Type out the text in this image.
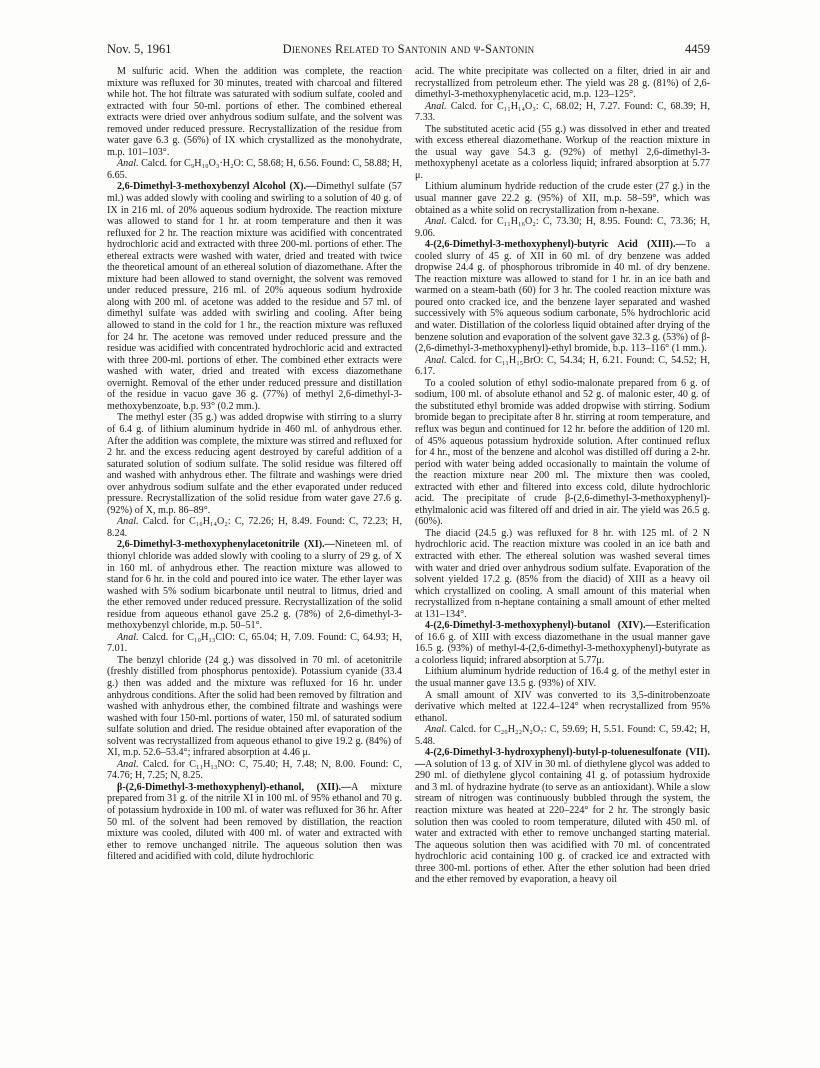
Nov. 5, 1961	Dienones Related to Santonin and ψ-Santonin	4459

M sulfuric acid. When the addition was complete, the reaction mixture was refluxed for 30 minutes, treated with charcoal and filtered while hot. The hot filtrate was saturated with sodium sulfate, cooled and extracted with four 50-ml. portions of ether. The combined ethereal extracts were dried over anhydrous sodium sulfate, and the solvent was removed under reduced pressure. Recrystallization of the residue from water gave 6.3 g. (56%) of IX which crystallized as the monohydrate, m.p. 101–103°.

Anal. Calcd. for C₉H₁₀O₃·H₂O: C, 58.68; H, 6.56. Found: C, 58.88; H, 6.65.

2,6-Dimethyl-3-methoxybenzyl Alcohol (X).—Dimethyl sulfate (57 ml.) was added slowly with cooling and swirling to a solution of 40 g. of IX in 216 ml. of 20% aqueous sodium hydroxide. The reaction mixture was allowed to stand for 1 hr. at room temperature and then it was refluxed for 2 hr. The reaction mixture was acidified with concentrated hydrochloric acid and extracted with three 200-ml. portions of ether. The ethereal extracts were washed with water, dried and treated with twice the theoretical amount of an ethereal solution of diazomethane. After the mixture had been allowed to stand overnight, the solvent was removed under reduced pressure, 216 ml. of 20% aqueous sodium hydroxide along with 200 ml. of acetone was added to the residue and 57 ml. of dimethyl sulfate was added with swirling and cooling. After being allowed to stand in the cold for 1 hr., the reaction mixture was refluxed for 24 hr. The acetone was removed under reduced pressure and the residue was acidified with concentrated hydrochloric acid and extracted with three 200-ml. portions of ether. The combined ether extracts were washed with water, dried and treated with excess diazomethane overnight. Removal of the ether under reduced pressure and distillation of the residue in vacuo gave 36 g. (77%) of methyl 2,6-dimethyl-3-methoxybenzoate, b.p. 93° (0.2 mm.).

The methyl ester (35 g.) was added dropwise with stirring to a slurry of 6.4 g. of lithium aluminum hydride in 460 ml. of anhydrous ether. After the addition was complete, the mixture was stirred and refluxed for 2 hr. and the excess reducing agent destroyed by careful addition of a saturated solution of sodium sulfate. The solid residue was filtered off and washed with anhydrous ether. The filtrate and washings were dried over anhydrous sodium sulfate and the ether evaporated under reduced pressure. Recrystallization of the solid residue from water gave 27.6 g. (92%) of X, m.p. 86–89°.

Anal. Calcd. for C₁₀H₁₄O₂: C, 72.26; H, 8.49. Found: C, 72.23; H, 8.24.

2,6-Dimethyl-3-methoxyphenylacetonitrile (XI).—Nineteen ml. of thionyl chloride was added slowly with cooling to a slurry of 29 g. of X in 160 ml. of anhydrous ether. The reaction mixture was allowed to stand for 6 hr. in the cold and poured into ice water. The ether layer was washed with 5% sodium bicarbonate until neutral to litmus, dried and the ether removed under reduced pressure. Recrystallization of the solid residue from aqueous ethanol gave 25.2 g. (78%) of 2,6-dimethyl-3-methoxybenzyl chloride, m.p. 50–51°.

Anal. Calcd. for C₁₀H₁₃ClO: C, 65.04; H, 7.09. Found: C, 64.93; H, 7.01.

The benzyl chloride (24 g.) was dissolved in 70 ml. of acetonitrile (freshly distilled from phosphorus pentoxide). Potassium cyanide (33.4 g.) then was added and the mixture was refluxed for 16 hr. under anhydrous conditions. After the solid had been removed by filtration and washed with anhydrous ether, the combined filtrate and washings were washed with four 150-ml. portions of water, 150 ml. of saturated sodium sulfate solution and dried. The residue obtained after evaporation of the solvent was recrystallized from aqueous ethanol to give 19.2 g. (84%) of XI, m.p. 52.6–53.4°; infrared absorption at 4.46 μ.

Anal. Calcd. for C₁₁H₁₃NO: C, 75.40; H, 7.48; N, 8.00. Found: C, 74.76; H, 7.25; N, 8.25.

β-(2,6-Dimethyl-3-methoxyphenyl)-ethanol, (XII).—A mixture prepared from 31 g. of the nitrile XI in 100 ml. of 95% ethanol and 70 g. of potassium hydroxide in 100 ml. of water was refluxed for 36 hr. After 50 ml. of the solvent had been removed by distillation, the reaction mixture was cooled, diluted with 400 ml. of water and extracted with ether to remove unchanged nitrile. The aqueous solution then was filtered and acidified with cold, dilute hydrochloric

acid. The white precipitate was collected on a filter, dried in air and recrystallized from petroleum ether. The yield was 28 g. (81%) of 2,6-dimethyl-3-methoxyphenylacetic acid, m.p. 123–125°.

Anal. Calcd. for C₁₁H₁₄O₃: C, 68.02; H, 7.27. Found: C, 68.39; H, 7.33.

The substituted acetic acid (55 g.) was dissolved in ether and treated with excess ethereal diazomethane. Workup of the reaction mixture in the usual way gave 54.3 g. (92%) of methyl 2,6-dimethyl-3-methoxyphenyl acetate as a colorless liquid; infrared absorption at 5.77 μ.

Lithium aluminum hydride reduction of the crude ester (27 g.) in the usual manner gave 22.2 g. (95%) of XII, m.p. 58–59°, which was obtained as a white solid on recrystallization from n-hexane.

Anal. Calcd. for C₁₁H₁₆O₂: C, 73.30; H, 8.95. Found: C, 73.36; H, 9.06.

4-(2,6-Dimethyl-3-methoxyphenyl)-butyric Acid (XIII).—To a cooled slurry of 45 g. of XII in 60 ml. of dry benzene was added dropwise 24.4 g. of phosphorous tribromide in 40 ml. of dry benzene. The reaction mixture was allowed to stand for 1 hr. in an ice bath and warmed on a steam-bath (60) for 3 hr. The cooled reaction mixture was poured onto cracked ice, and the benzene layer separated and washed successively with 5% aqueous sodium carbonate, 5% hydrochloric acid and water. Distillation of the colorless liquid obtained after drying of the benzene solution and evaporation of the solvent gave 32.3 g. (53%) of β-(2,6-dimethyl-3-methoxyphenyl)-ethyl bromide, b.p. 113–116° (1 mm.).

Anal. Calcd. for C₁₁H₁₅BrO: C, 54.34; H, 6.21. Found: C, 54.52; H, 6.17.

To a cooled solution of ethyl sodio-malonate prepared from 6 g. of sodium, 100 ml. of absolute ethanol and 52 g. of malonic ester, 40 g. of the substituted ethyl bromide was added dropwise with stirring. Sodium bromide began to precipitate after 8 hr. stirring at room temperature, and reflux was begun and continued for 12 hr. before the addition of 120 ml. of 45% aqueous potassium hydroxide solution. After continued reflux for 4 hr., most of the benzene and alcohol was distilled off during a 2-hr. period with water being added occasionally to maintain the volume of the reaction mixture near 200 ml. The mixture then was cooled, extracted with ether and filtered into excess cold, dilute hydrochloric acid. The precipitate of crude β-(2,6-dimethyl-3-methoxyphenyl)-ethylmalonic acid was filtered off and dried in air. The yield was 26.5 g. (60%).

The diacid (24.5 g.) was refluxed for 8 hr. with 125 ml. of 2 N hydrochloric acid. The reaction mixture was cooled in an ice bath and extracted with ether. The ethereal solution was washed several times with water and dried over anhydrous sodium sulfate. Evaporation of the solvent yielded 17.2 g. (85% from the diacid) of XIII as a heavy oil which crystallized on cooling. A small amount of this material when recrystallized from n-heptane containing a small amount of ether melted at 131–134°.

4-(2,6-Dimethyl-3-methoxyphenyl)-butanol (XIV).—Esterification of 16.6 g. of XIII with excess diazomethane in the usual manner gave 16.5 g. (93%) of methyl-4-(2,6-dimethyl-3-methoxyphenyl)-butyrate as a colorless liquid; infrared absorption at 5.77μ.

Lithium aluminum hydride reduction of 16.4 g. of the methyl ester in the usual manner gave 13.5 g. (93%) of XIV.

A small amount of XIV was converted to its 3,5-dinitrobenzoate derivative which melted at 122.4–124° when recrystallized from 95% ethanol.

Anal. Calcd. for C₂₀H₂₂N₂O₇: C, 59.69; H, 5.51. Found: C, 59.42; H, 5.48.

4-(2,6-Dimethyl-3-hydroxyphenyl)-butyl-p-toluenesulfonate (VII).—A solution of 13 g. of XIV in 30 ml. of diethylene glycol was added to 290 ml. of diethylene glycol containing 41 g. of potassium hydroxide and 3 ml. of hydrazine hydrate (to serve as an antioxidant). While a slow stream of nitrogen was continuously bubbled through the system, the reaction mixture was heated at 220–224° for 2 hr. The strongly basic solution then was cooled to room temperature, diluted with 450 ml. of water and extracted with ether to remove unchanged starting material. The aqueous solution then was acidified with 70 ml. of concentrated hydrochloric acid containing 100 g. of cracked ice and extracted with three 300-ml. portions of ether. After the ether solution had been dried and the ether removed by evaporation, a heavy oil
